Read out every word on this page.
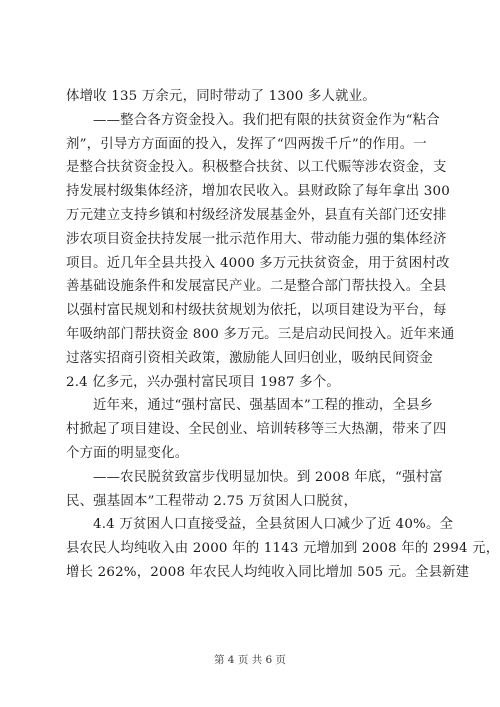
体增收 135 万余元，同时带动了 1300 多人就业。
——整合各方资金投入。我们把有限的扶贫资金作为“粘合
剂”，引导方方面面的投入，发挥了“四两拨千斤”的作用。一
是整合扶贫资金投入。积极整合扶贫、以工代赈等涉农资金，支
持发展村级集体经济，增加农民收入。县财政除了每年拿出 300
万元建立支持乡镇和村级经济发展基金外，县直有关部门还安排
涉农项目资金扶持发展一批示范作用大、带动能力强的集体经济
项目。近几年全县共投入 4000 多万元扶贫资金，用于贫困村改
善基础设施条件和发展富民产业。二是整合部门帮扶投入。全县
以强村富民规划和村级扶贫规划为依托，以项目建设为平台，每
年吸纳部门帮扶资金 800 多万元。三是启动民间投入。近年来通
过落实招商引资相关政策，激励能人回归创业，吸纳民间资金
2.4 亿多元，兴办强村富民项目 1987 多个。
近年来，通过“强村富民、强基固本”工程的推动，全县乡
村掀起了项目建设、全民创业、培训转移等三大热潮，带来了四
个方面的明显变化。
——农民脱贫致富步伐明显加快。到 2008 年底，“强村富
民、强基固本”工程带动 2.75 万贫困人口脱贫，
4.4 万贫困人口直接受益，全县贫困人口减少了近 40%。全
县农民人均纯收入由 2000 年的 1143 元增加到 2008 年的 2994 元，
增长 262%，2008 年农民人均纯收入同比增加 505 元。全县新建
第 4 页 共 6 页
